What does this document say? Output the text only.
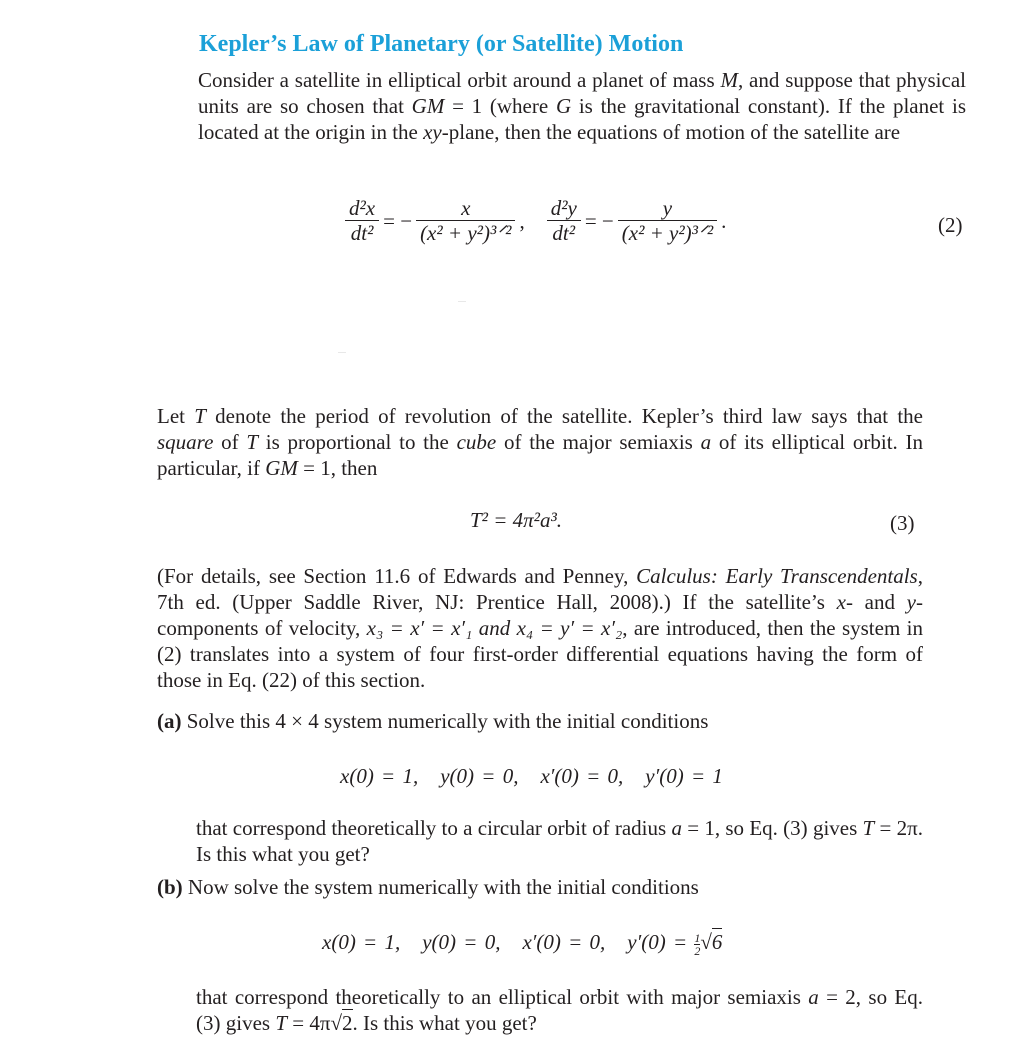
Kepler’s Law of Planetary (or Satellite) Motion
Consider a satellite in elliptical orbit around a planet of mass M, and suppose that physical units are so chosen that GM = 1 (where G is the gravitational constant). If the planet is located at the origin in the xy-plane, then the equations of motion of the satellite are
$\frac{\text{d²x}}{\text{dt²}}$ = − $\frac{x}{\text{(x² + y²)³ᐟ²}}$ , $\frac{\text{d²y}}{\text{dt²}}$ = − $\frac{y}{\text{(x² + y²)³ᐟ²}}$ .	(2)
Let T denote the period of revolution of the satellite. Kepler’s third law says that the square of T is proportional to the cube of the major semiaxis a of its elliptical orbit. In particular, if GM = 1, then
T² = 4π²a³.	(3)
(For details, see Section 11.6 of Edwards and Penney, Calculus: Early Transcendentals, 7th ed. (Upper Saddle River, NJ: Prentice Hall, 2008).) If the satellite’s x- and y-components of velocity, x₃ = x′ = x′₁ and x₄ = y′ = x′₂, are introduced, then the system in (2) translates into a system of four first-order differential equations having the form of those in Eq. (22) of this section.
(a) Solve this 4 × 4 system numerically with the initial conditions
x(0) = 1, y(0) = 0, x′(0) = 0, y′(0) = 1
that correspond theoretically to a circular orbit of radius a = 1, so Eq. (3) gives T = 2π. Is this what you get?
(b) Now solve the system numerically with the initial conditions
x(0) = 1, y(0) = 0, x′(0) = 0, $y'(0) = \frac{1}{2} √6$
that correspond theoretically to an elliptical orbit with major semiaxis a = 2, so Eq. (3) gives T = 4π√2. Is this what you get?
